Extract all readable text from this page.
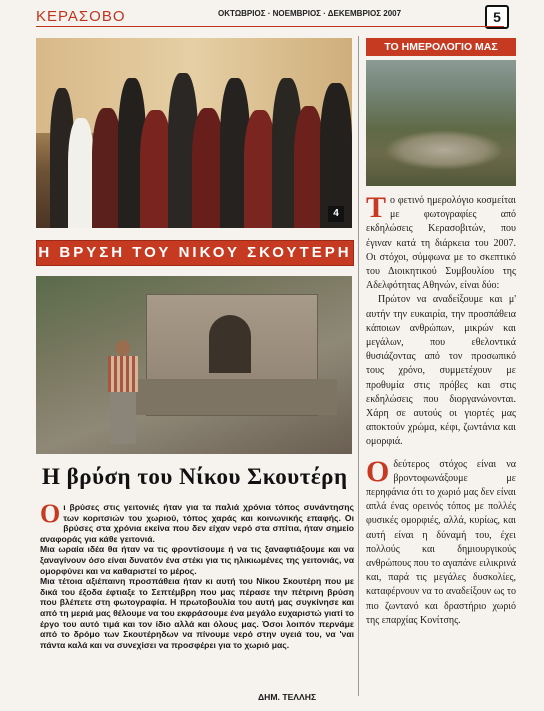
ΚΕΡΑΣΟΒΟ	ΟΚΤΩΒΡΙΟΣ · ΝΟΕΜΒΡΙΟΣ · ΔΕΚΕΜΒΡΙΟΣ 2007	5
4
Η ΒΡΥΣΗ ΤΟΥ ΝΙΚΟΥ ΣΚΟΥΤΕΡΗ
Η βρύση του Νίκου Σκουτέρη

Οι βρύσες στις γειτονιές ήταν για τα παλιά χρόνια τόπος συνάντησης των κοριτσιών του χωριού, τόπος χαράς και κοινωνικής επαφής. Οι βρύσες στα χρόνια εκείνα που δεν είχαν νερό στα σπίτια, ήταν σημείο αναφοράς για κάθε γειτονιά.

Μια ωραία ιδέα θα ήταν να τις φροντίσουμε ή να τις ξαναφτιάξουμε και να ξαναγίνουν όσο είναι δυνατόν ένα στέκι για τις ηλικιωμένες της γειτονιάς, να ομορφύνει και να καθαριστεί το μέρος.

Μια τέτοια αξιέπαινη προσπάθεια ήταν κι αυτή του Νίκου Σκουτέρη που με δικά του έξοδα έφτιαξε το Σεπτέμβρη που μας πέρασε την πέτρινη βρύση που βλέπετε στη φωτογραφία. Η πρωτοβουλία του αυτή μας συγκίνησε και από τη μεριά μας θέλουμε να του εκφράσουμε ένα μεγάλο ευχαριστώ γιατί το έργο του αυτό τιμά και τον ίδιο αλλά και όλους μας. Όσοι λοιπόν περνάμε από το δρόμο των Σκουτέρηδων να πίνουμε νερό στην υγειά του, να 'ναι πάντα καλά και να συνεχίσει να προσφέρει για το χωριό μας.

ΔΗΜ. ΤΕΛΛΗΣ
ΤΟ ΗΜΕΡΟΛΟΓΙΟ ΜΑΣ

Το φετινό ημερολόγιο κοσμείται με φωτογραφίες από εκδηλώσεις Κερασοβιτών, που έγιναν κατά τη διάρκεια του 2007. Οι στόχοι, σύμφωνα με το σκεπτικό του Διοικητικού Συμβουλίου της Αδελφότητας Αθηνών, είναι δύο:

Πρώτον να αναδείξουμε και μ' αυτήν την ευκαιρία, την προσπάθεια κάποιων ανθρώπων, μικρών και μεγάλων, που εθελοντικά θυσιάζοντας από τον προσωπικό τους χρόνο, συμμετέχουν με προθυμία στις πρόβες και στις εκδηλώσεις που διοργανώνονται. Χάρη σε αυτούς οι γιορτές μας αποκτούν χρώμα, κέφι, ζωντάνια και ομορφιά.

Οδεύτερος στόχος είναι να βροντοφωνάξουμε με περηφάνια ότι το χωριό μας δεν είναι απλά ένας ορεινός τόπος με πολλές φυσικές ομορφιές, αλλά, κυρίως, και αυτή είναι η δύναμή του, έχει πολλούς και δημιουργικούς ανθρώπους που το αγαπάνε ειλικρινά και, παρά τις μεγάλες δυσκολίες, καταφέρνουν να το αναδείξουν ως το πιο ζωντανό και δραστήριο χωριό της επαρχίας Κονίτσης.
